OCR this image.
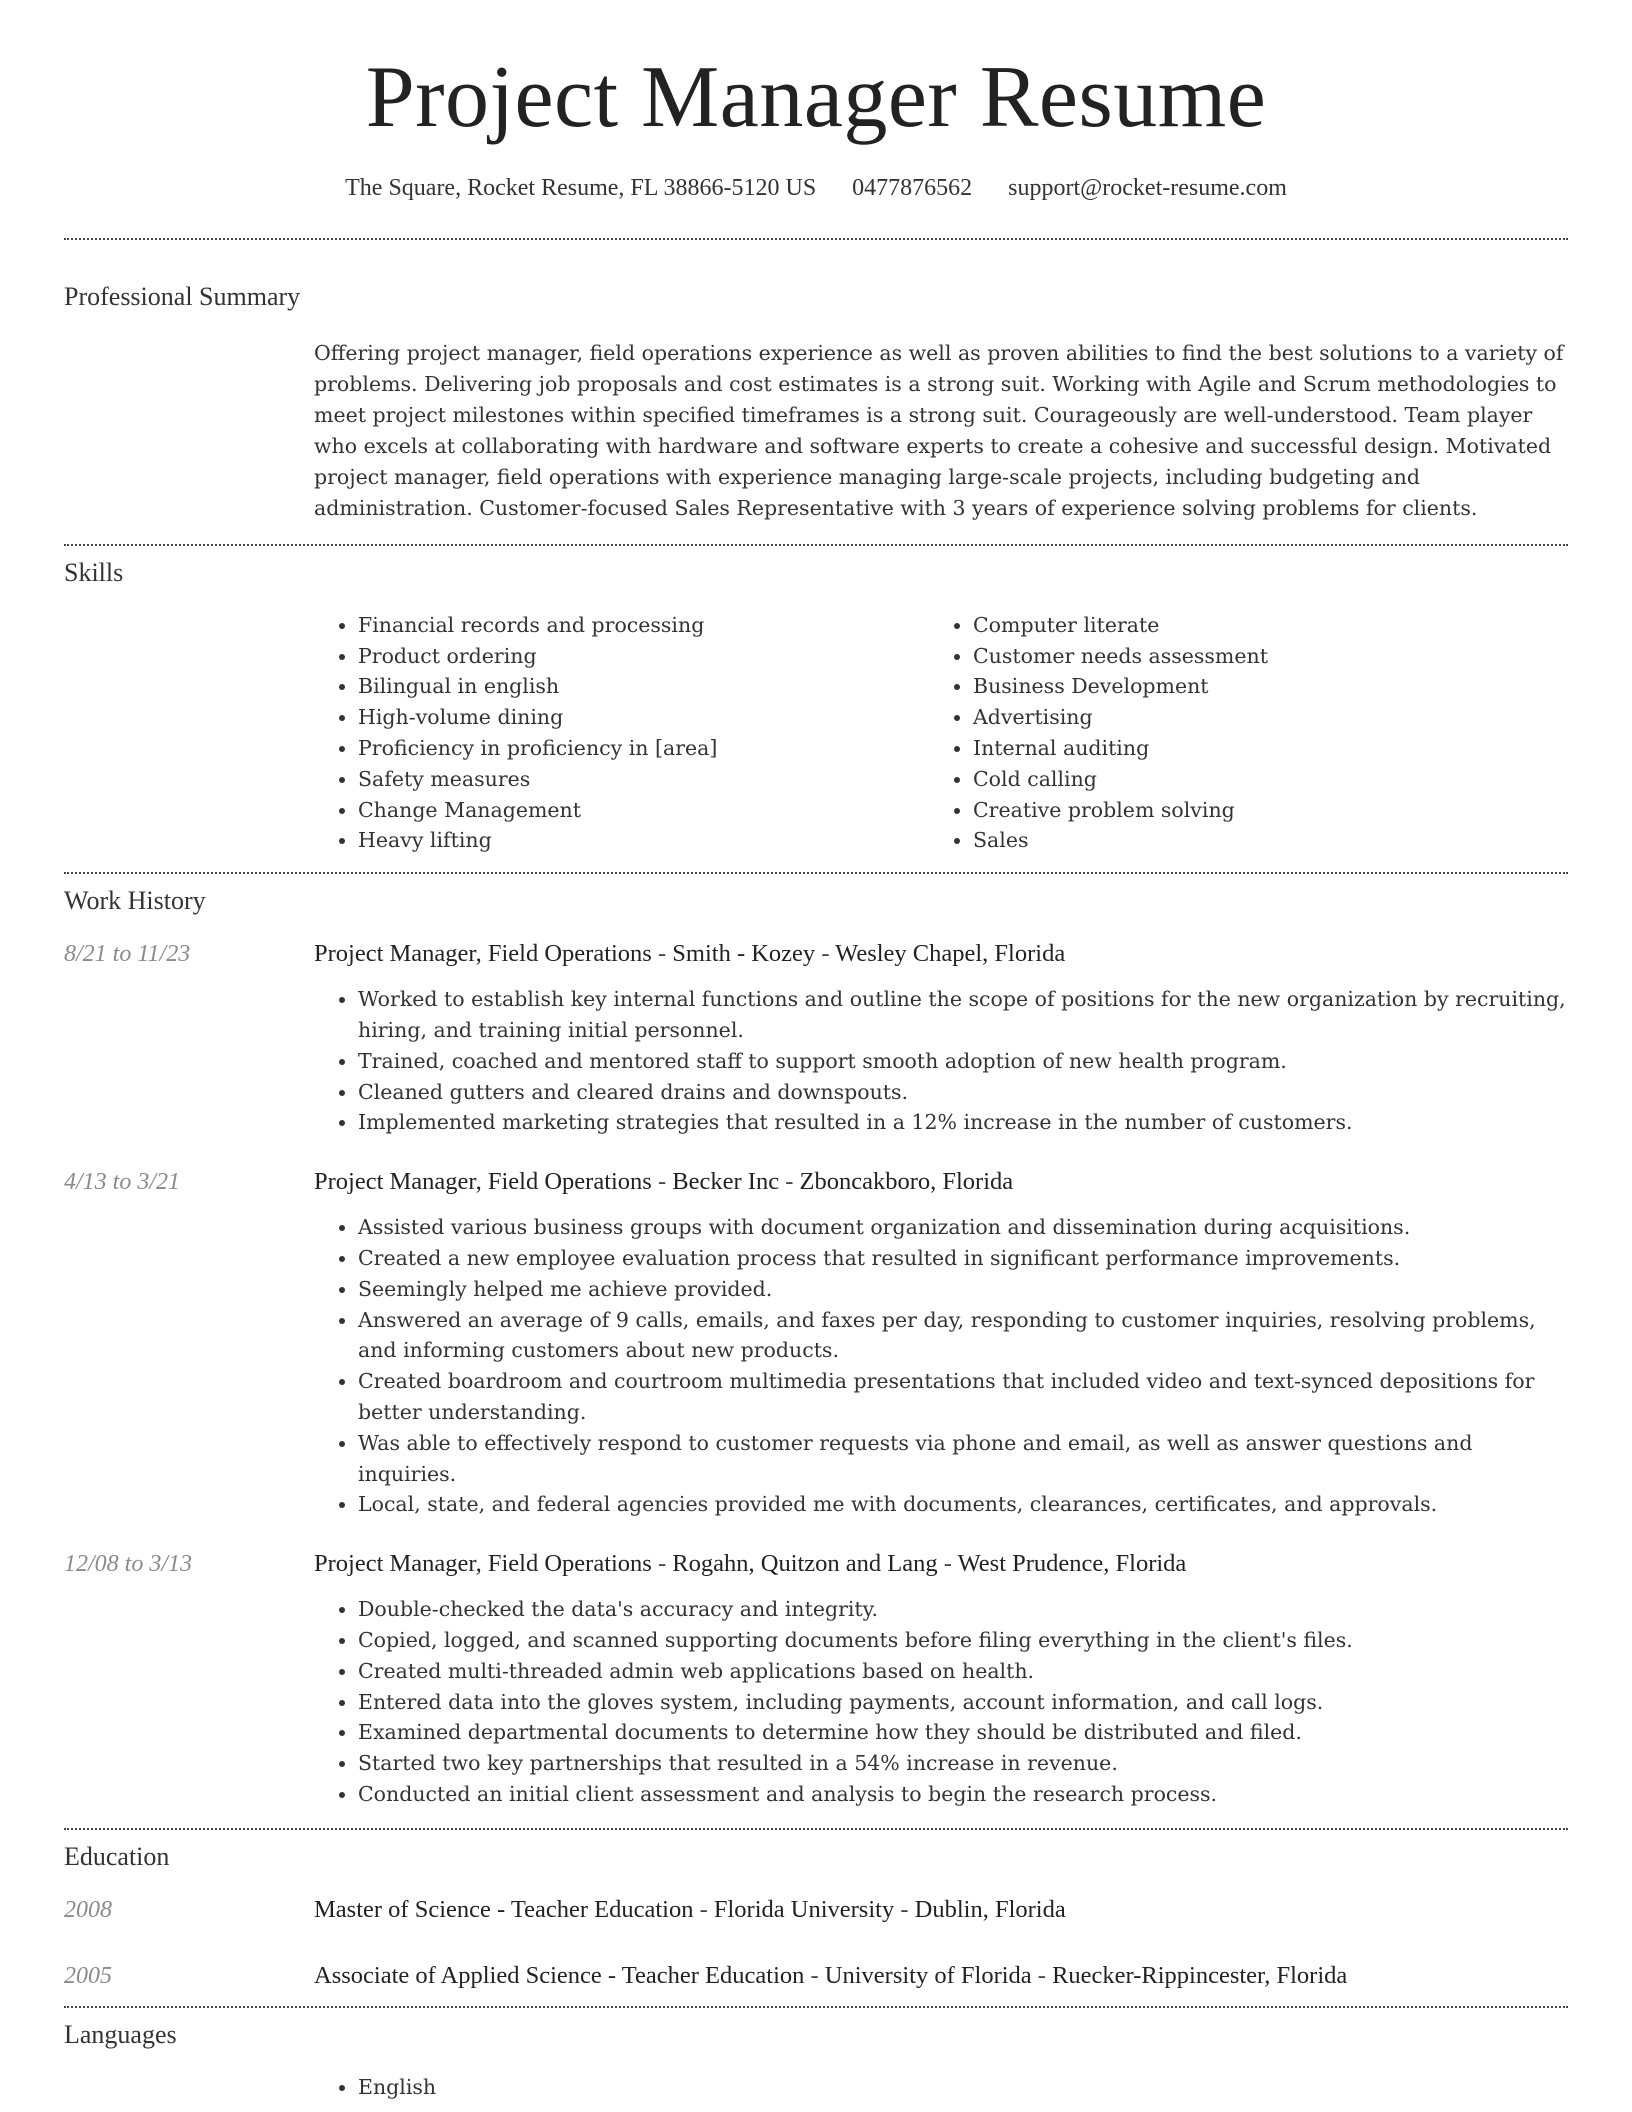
Project Manager Resume
The Square, Rocket Resume, FL 38866-5120 US 0477876562 support@rocket-resume.com
Professional Summary

Offering project manager, field operations experience as well as proven abilities to find the best solutions to a variety of problems. Delivering job proposals and cost estimates is a strong suit. Working with Agile and Scrum methodologies to meet project milestones within specified timeframes is a strong suit. Courageously are well-understood. Team player who excels at collaborating with hardware and software experts to create a cohesive and successful design. Motivated project manager, field operations with experience managing large-scale projects, including budgeting and administration. Customer-focused Sales Representative with 3 years of experience solving problems for clients.

Skills
• Financial records and processing
• Product ordering
• Bilingual in english
• High-volume dining
• Proficiency in proficiency in [area]
• Safety measures
• Change Management
• Heavy lifting
• Computer literate
• Customer needs assessment
• Business Development
• Advertising
• Internal auditing
• Cold calling
• Creative problem solving
• Sales
Work History
8/21 to 11/23	Project Manager, Field Operations - Smith - Kozey - Wesley Chapel, Florida
• Worked to establish key internal functions and outline the scope of positions for the new organization by recruiting, hiring, and training initial personnel.
• Trained, coached and mentored staff to support smooth adoption of new health program.
• Cleaned gutters and cleared drains and downspouts.
• Implemented marketing strategies that resulted in a 12% increase in the number of customers.
4/13 to 3/21	Project Manager, Field Operations - Becker Inc - Zboncakboro, Florida
• Assisted various business groups with document organization and dissemination during acquisitions.
• Created a new employee evaluation process that resulted in significant performance improvements.
• Seemingly helped me achieve provided.
• Answered an average of 9 calls, emails, and faxes per day, responding to customer inquiries, resolving problems, and informing customers about new products.
• Created boardroom and courtroom multimedia presentations that included video and text-synced depositions for better understanding.
• Was able to effectively respond to customer requests via phone and email, as well as answer questions and inquiries.
• Local, state, and federal agencies provided me with documents, clearances, certificates, and approvals.
12/08 to 3/13	Project Manager, Field Operations - Rogahn, Quitzon and Lang - West Prudence, Florida
• Double-checked the data's accuracy and integrity.
• Copied, logged, and scanned supporting documents before filing everything in the client's files.
• Created multi-threaded admin web applications based on health.
• Entered data into the gloves system, including payments, account information, and call logs.
• Examined departmental documents to determine how they should be distributed and filed.
• Started two key partnerships that resulted in a 54% increase in revenue.
• Conducted an initial client assessment and analysis to begin the research process.
Education
2008	Master of Science - Teacher Education - Florida University - Dublin, Florida
2005	Associate of Applied Science - Teacher Education - University of Florida - Ruecker-Rippincester, Florida
Languages
• English
